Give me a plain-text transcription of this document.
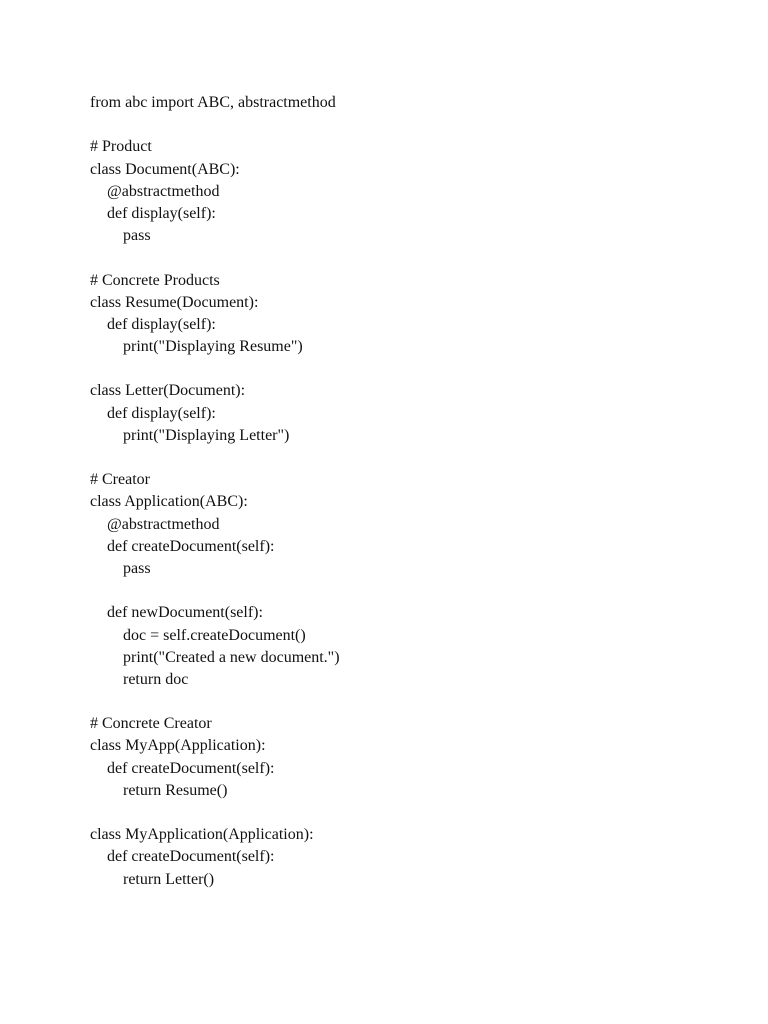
from abc import ABC, abstractmethod
# Product
class Document(ABC):
@abstractmethod
def display(self):
pass
# Concrete Products
class Resume(Document):
def display(self):
print("Displaying Resume")
class Letter(Document):
def display(self):
print("Displaying Letter")
# Creator
class Application(ABC):
@abstractmethod
def createDocument(self):
pass
def newDocument(self):
doc = self.createDocument()
print("Created a new document.")
return doc
# Concrete Creator
class MyApp(Application):
def createDocument(self):
return Resume()
class MyApplication(Application):
def createDocument(self):
return Letter()
